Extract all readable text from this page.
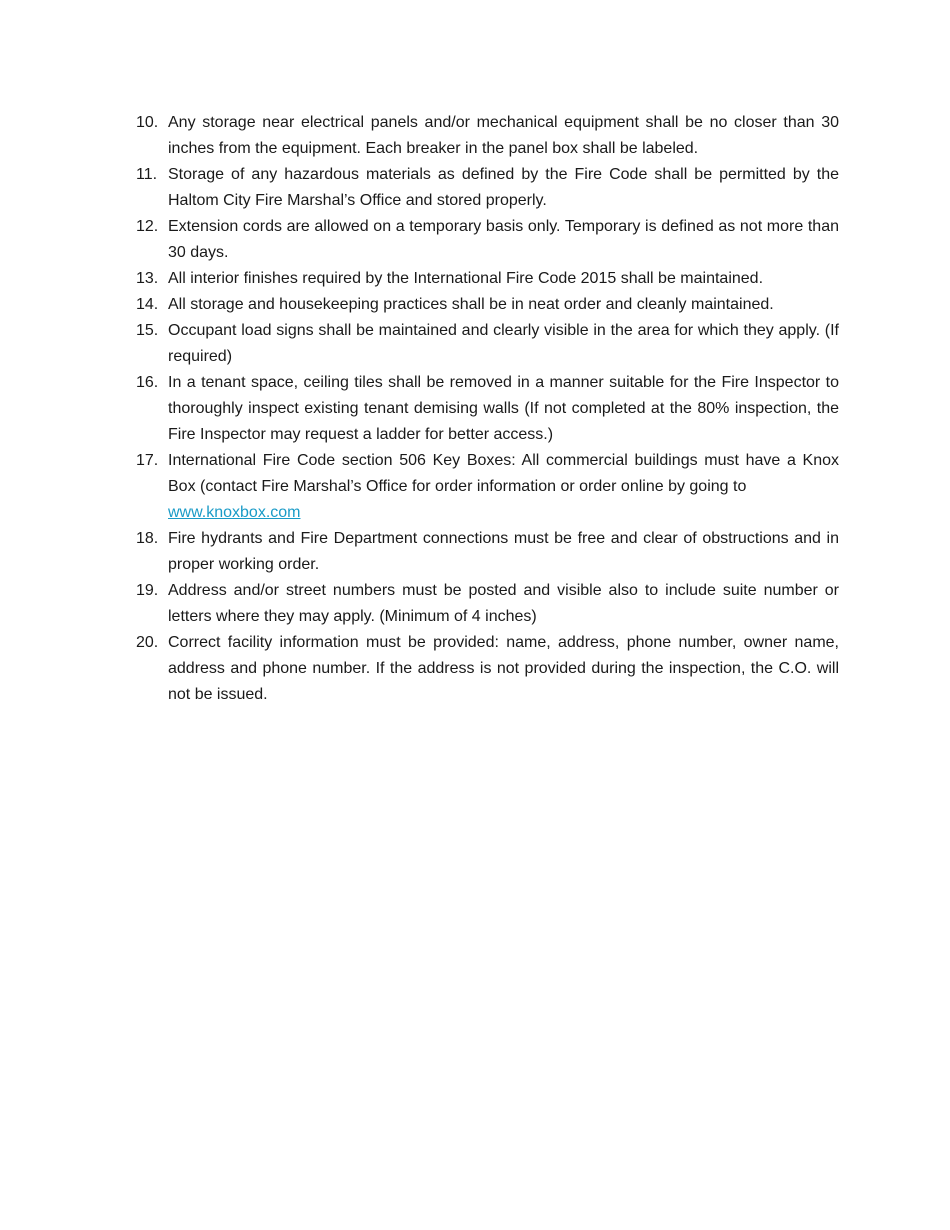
10. Any storage near electrical panels and/or mechanical equipment shall be no closer than 30 inches from the equipment. Each breaker in the panel box shall be labeled.
11. Storage of any hazardous materials as defined by the Fire Code shall be permitted by the Haltom City Fire Marshal’s Office and stored properly.
12. Extension cords are allowed on a temporary basis only. Temporary is defined as not more than 30 days.
13. All interior finishes required by the International Fire Code 2015 shall be maintained.
14. All storage and housekeeping practices shall be in neat order and cleanly maintained.
15. Occupant load signs shall be maintained and clearly visible in the area for which they apply. (If required)
16. In a tenant space, ceiling tiles shall be removed in a manner suitable for the Fire Inspector to thoroughly inspect existing tenant demising walls (If not completed at the 80% inspection, the Fire Inspector may request a ladder for better access.)
17. International Fire Code section 506 Key Boxes: All commercial buildings must have a Knox Box (contact Fire Marshal’s Office for order information or order online by going to
www.knoxbox.com
18. Fire hydrants and Fire Department connections must be free and clear of obstructions and in proper working order.
19. Address and/or street numbers must be posted and visible also to include suite number or letters where they may apply. (Minimum of 4 inches)
20. Correct facility information must be provided: name, address, phone number, owner name, address and phone number. If the address is not provided during the inspection, the C.O. will not be issued.
